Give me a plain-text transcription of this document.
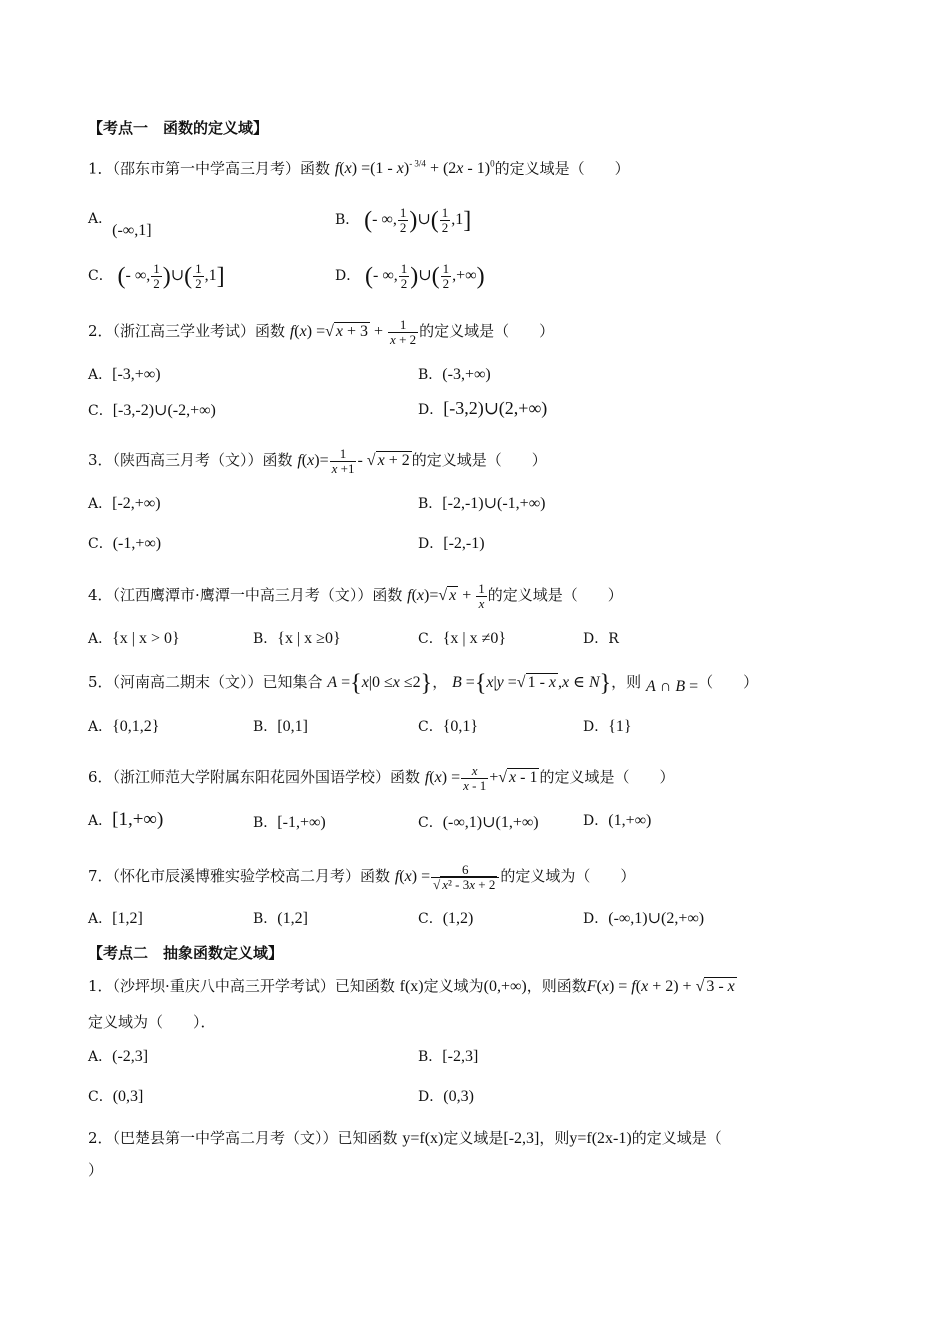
【考点一　函数的定义域】
1．（邵东市第一中学高三月考）函数 f(x) =(1 - x)$^{- 3/4}$ + (2x - 1)$^0$的定义域是（　　）
A．(-∞,1]
B． (- ∞, $\frac{1}{2}$ )∪( $\frac{1}{2} ,1$]
C． (- ∞, $\frac{1}{2}$ )∪( $\frac{1}{2} ,1$]	D． (- ∞, $\frac{1}{2}$ )∪( $\frac{1}{2}$ ,+∞)
2．（浙江高三学业考试）函数 f(x) =√ $x + 3 + \frac{1}{x + 2}$ 的定义域是（　　）
A．[-3,+∞)	B．(-3,+∞)
C．[-3,-2)∪(-2,+∞)	D．[-3,2)∪(2,+∞)
3．（陕西高三月考（文））函数 $f(x)= \frac{1}{x +1}$ - √ x + 2 的定义域是（　　）
A．[-2,+∞)	B．[-2,-1)∪(-1,+∞)
C．(-1,+∞)	D．[-2,-1)
4．（江西鹰潭市·鹰潭一中高三月考（文））函数 f(x)=√ $x + \frac{1}{x}$ 的定义域是（　　）
A．{x | x > 0}	B．{x | x ≥0}	C．{x | x ≠0}	D．R
5．（河南高二期末（文））已知集合 A ={x|0 ≤x ≤2}， B ={x|y =√ 1 - x ,x ∈ N}，则 A ∩ B =（　　）
A．{0,1,2}	B．[0,1]	C．{0,1}	D．{1}
6．（浙江师范大学附属东阳花园外国语学校）函数 $f(x) = \frac{x}{x - 1}$ +√ x - 1 的定义域是（　　）
A．[1,+∞)	B．[-1,+∞)	C．(-∞,1)∪(1,+∞)	D．(1,+∞)
7．（怀化市辰溪博雅实验学校高二月考）函数 $f(x) = \frac{6}{\text{√ x² - 3x + 2}}$ 的定义域为（　　）
A．[1,2]	B．(1,2]	C．(1,2)	D．(-∞,1)∪(2,+∞)
【考点二　抽象函数定义域】
1．（沙坪坝·重庆八中高三开学考试）已知函数 f(x)定义域为(0,+∞)，则函数F(x) = f(x + 2) + √ 3 - x
定义域为（　　）．
A．(-2,3]	B．[-2,3]
C．(0,3]	D．(0,3)
2．（巴楚县第一中学高二月考（文））已知函数 y=f(x)定义域是[-2,3]，则y=f(2x-1)的定义域是（
）
